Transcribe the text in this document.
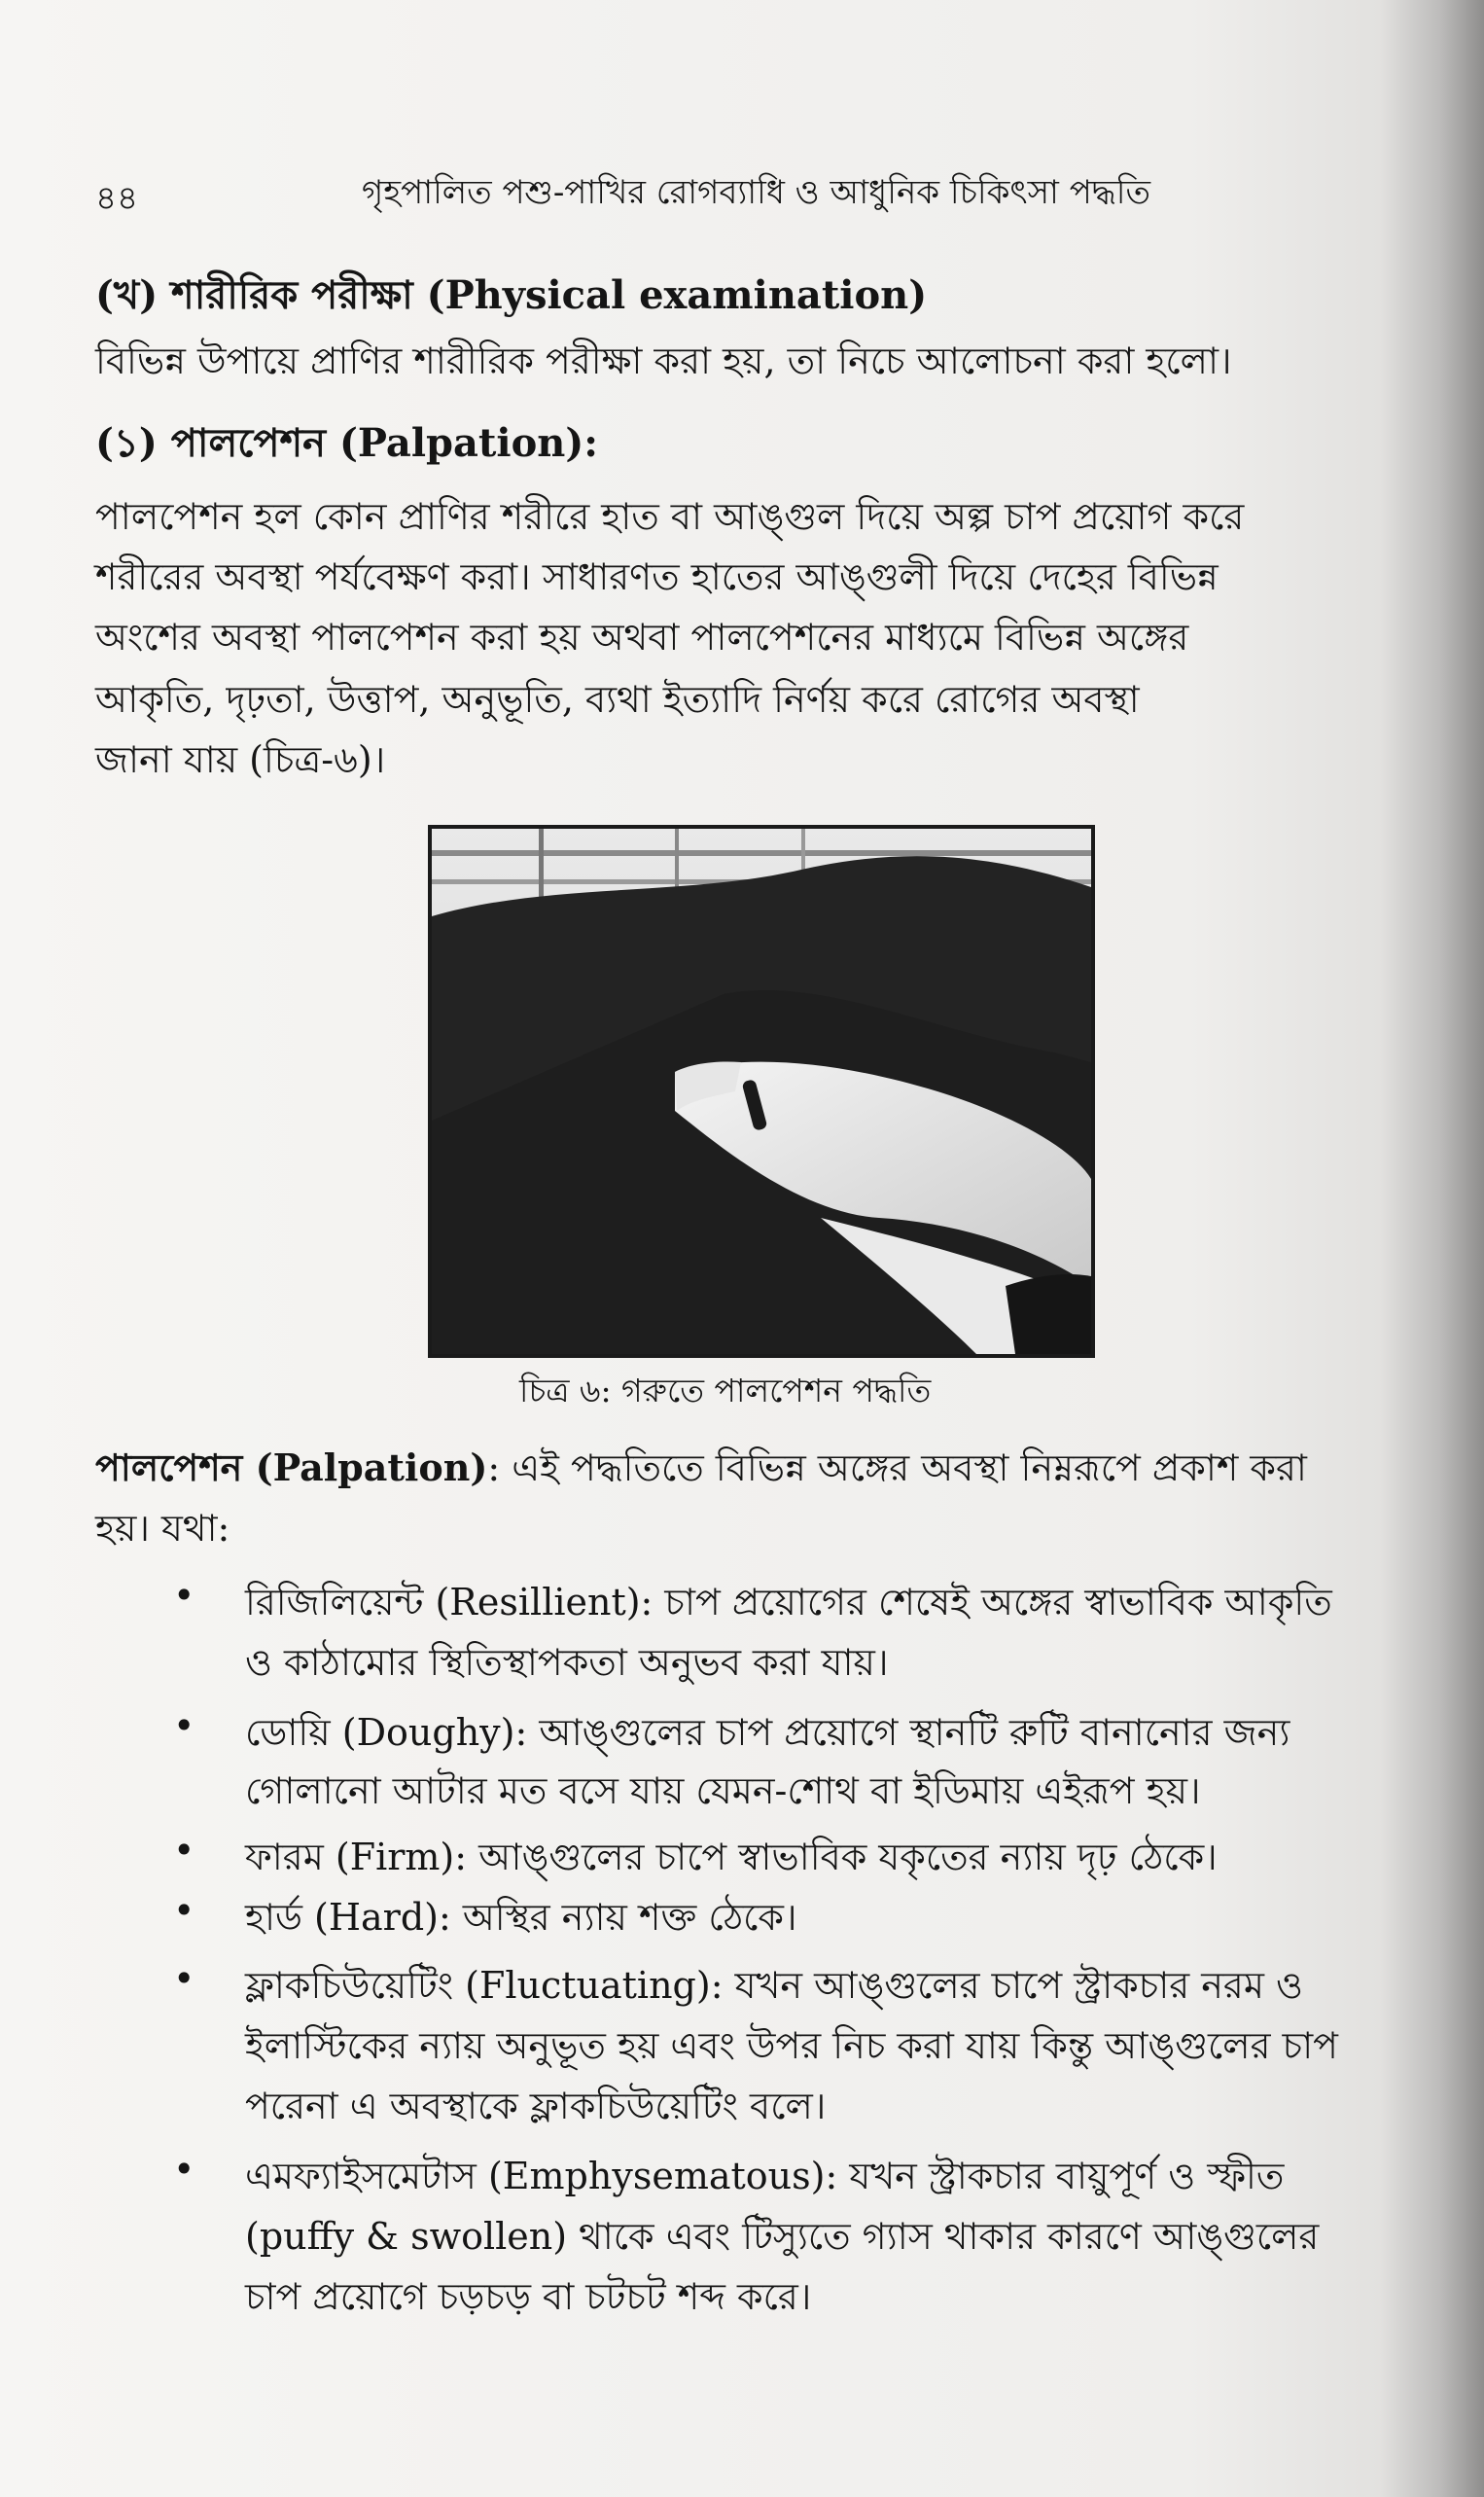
৪৪	গৃহপালিত পশু-পাখির রোগব্যাধি ও আধুনিক চিকিৎসা পদ্ধতি
(খ) শারীরিক পরীক্ষা (Physical examination)
বিভিন্ন উপায়ে প্রাণির শারীরিক পরীক্ষা করা হয়, তা নিচে আলোচনা করা হলো।
(১) পালপেশন (Palpation):
পালপেশন হল কোন প্রাণির শরীরে হাত বা আঙ্গুল দিয়ে অল্প চাপ প্রয়োগ করে
শরীরের অবস্থা পর্যবেক্ষণ করা। সাধারণত হাতের আঙ্গুলী দিয়ে দেহের বিভিন্ন
অংশের অবস্থা পালপেশন করা হয় অথবা পালপেশনের মাধ্যমে বিভিন্ন অঙ্গের
আকৃতি, দৃঢ়তা, উত্তাপ, অনুভূতি, ব্যথা ইত্যাদি নির্ণয় করে রোগের অবস্থা
জানা যায় (চিত্র-৬)।
চিত্র ৬: গরুতে পালপেশন পদ্ধতি
পালপেশন (Palpation): এই পদ্ধতিতে বিভিন্ন অঙ্গের অবস্থা নিম্নরূপে প্রকাশ করা
হয়। যথা:
• রিজিলিয়েন্ট (Resillient): চাপ প্রয়োগের শেষেই অঙ্গের স্বাভাবিক আকৃতি
ও কাঠামোর স্থিতিস্থাপকতা অনুভব করা যায়।
• ডোয়ি (Doughy): আঙ্গুলের চাপ প্রয়োগে স্থানটি রুটি বানানোর জন্য
গোলানো আটার মত বসে যায় যেমন-শোথ বা ইডিমায় এইরূপ হয়।
• ফারম (Firm): আঙ্গুলের চাপে স্বাভাবিক যকৃতের ন্যায় দৃঢ় ঠেকে।
• হার্ড (Hard): অস্থির ন্যায় শক্ত ঠেকে।
• ফ্লাকচিউয়েটিং (Fluctuating): যখন আঙ্গুলের চাপে স্ট্রাকচার নরম ও
ইলাস্টিকের ন্যায় অনুভূত হয় এবং উপর নিচ করা যায় কিন্তু আঙ্গুলের চাপ
পরেনা এ অবস্থাকে ফ্লাকচিউয়েটিং বলে।
• এমফ্যাইসমেটাস (Emphysematous): যখন স্ট্রাকচার বায়ুপূর্ণ ও স্ফীত
(puffy & swollen) থাকে এবং টিস্যুতে গ্যাস থাকার কারণে আঙ্গুলের
চাপ প্রয়োগে চড়চড় বা চটচট শব্দ করে।
